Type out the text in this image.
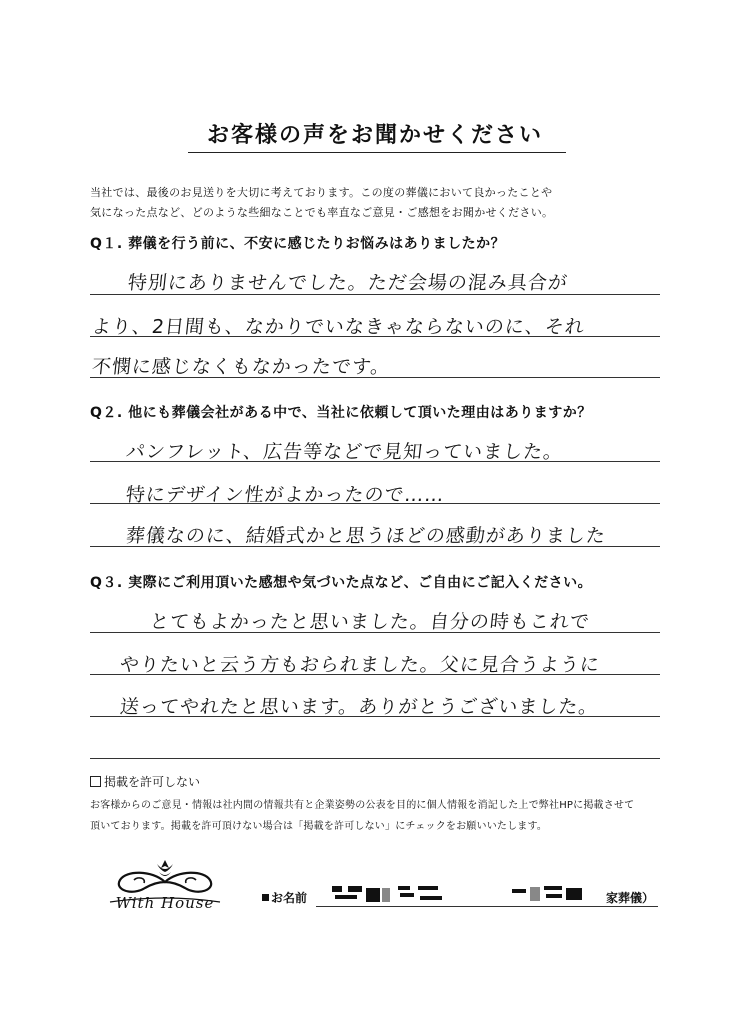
お客様の声をお聞かせください
当社では、最後のお見送りを大切に考えております。この度の葬儀において良かったことや
気になった点など、どのような些細なことでも率直なご意見・ご感想をお聞かせください。
Q１. 葬儀を行う前に、不安に感じたりお悩みはありましたか？
特別にありませんでした。ただ会場の混み具合が
より、2日間も、なかりでいなきゃならないのに、それ
不憫に感じなくもなかったです。
Q２. 他にも葬儀会社がある中で、当社に依頼して頂いた理由はありますか？
パンフレット、広告等などで見知っていました。
特にデザイン性がよかったので……
葬儀なのに、結婚式かと思うほどの感動がありました
Q３. 実際にご利用頂いた感想や気づいた点など、ご自由にご記入ください。
とてもよかったと思いました。自分の時もこれで
やりたいと云う方もおられました。父に見合うように
送ってやれたと思います。ありがとうございました。
掲載を許可しない
お客様からのご意見・情報は社内間の情報共有と企業姿勢の公表を目的に個人情報を消記した上で弊社HPに掲載させて
頂いております。掲載を許可頂けない場合は「掲載を許可しない」にチェックをお願いいたします。
With House	お名前	家葬儀）
